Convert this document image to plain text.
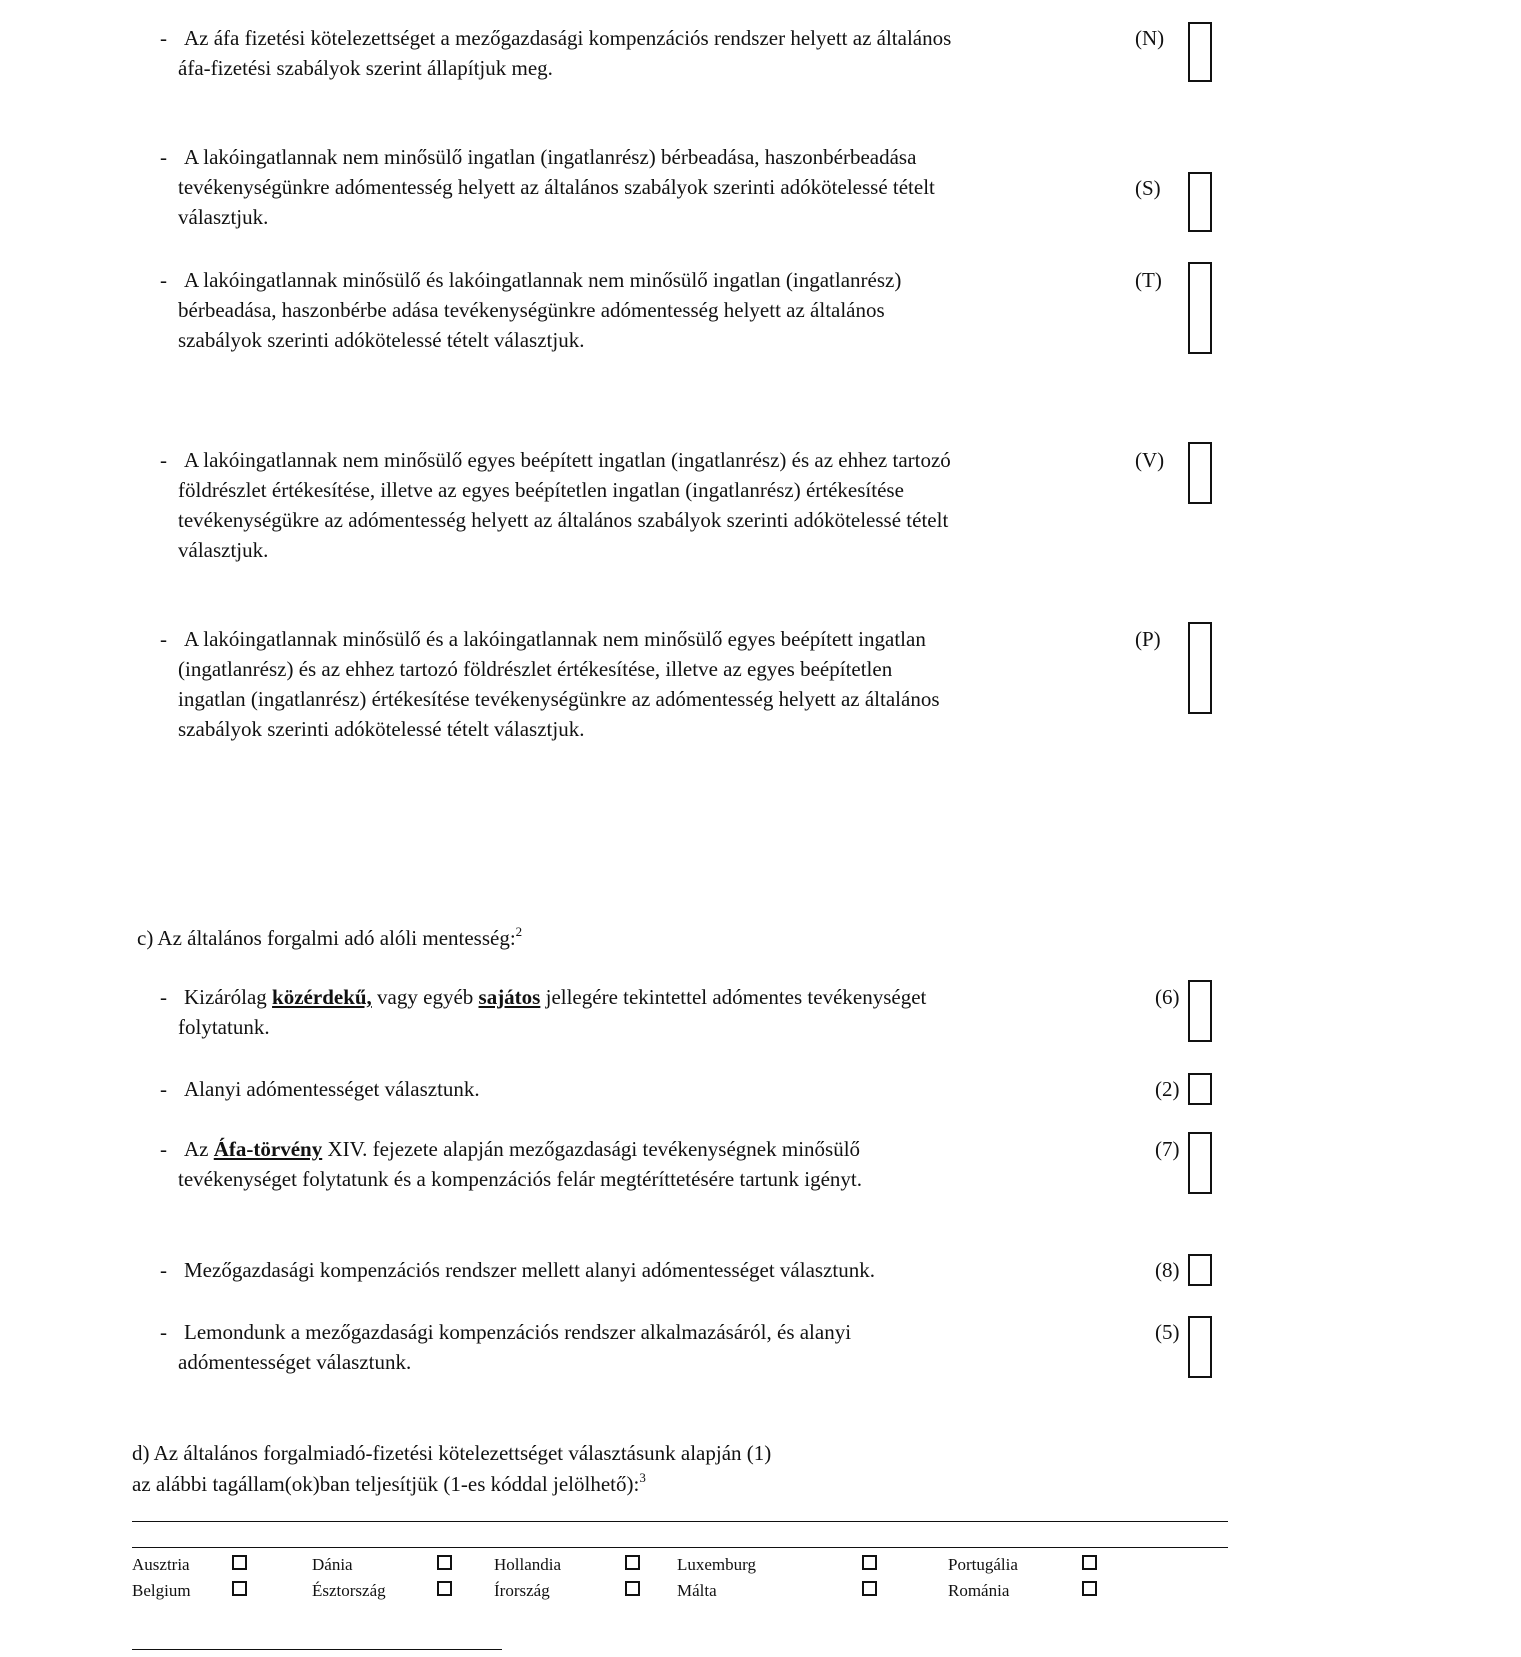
- Az áfa fizetési kötelezettséget a mezőgazdasági kompenzációs rendszer helyett az általános
áfa-fizetési szabályok szerint állapítjuk meg.
(N)
- A lakóingatlannak nem minősülő ingatlan (ingatlanrész) bérbeadása, haszonbérbeadása
tevékenységünkre adómentesség helyett az általános szabályok szerinti adókötelessé tételt
választjuk.
(S)
- A lakóingatlannak minősülő és lakóingatlannak nem minősülő ingatlan (ingatlanrész)
bérbeadása, haszonbérbe adása tevékenységünkre adómentesség helyett az általános
szabályok szerinti adókötelessé tételt választjuk.
(T)
- A lakóingatlannak nem minősülő egyes beépített ingatlan (ingatlanrész) és az ehhez tartozó
földrészlet értékesítése, illetve az egyes beépítetlen ingatlan (ingatlanrész) értékesítése
tevékenységükre az adómentesség helyett az általános szabályok szerinti adókötelessé tételt
választjuk.
(V)
- A lakóingatlannak minősülő és a lakóingatlannak nem minősülő egyes beépített ingatlan
(ingatlanrész) és az ehhez tartozó földrészlet értékesítése, illetve az egyes beépítetlen
ingatlan (ingatlanrész) értékesítése tevékenységünkre az adómentesség helyett az általános
szabályok szerinti adókötelessé tételt választjuk.
(P)
c) Az általános forgalmi adó alóli mentesség:$^2$
- Kizárólag közérdekű, vagy egyéb sajátos jellegére tekintettel adómentes tevékenységet
folytatunk.
(6)
- Alanyi adómentességet választunk.	(2)
- Az Áfa-törvény XIV. fejezete alapján mezőgazdasági tevékenységnek minősülő
tevékenységet folytatunk és a kompenzációs felár megtéríttetésére tartunk igényt.
(7)
- Mezőgazdasági kompenzációs rendszer mellett alanyi adómentességet választunk.	(8)
- Lemondunk a mezőgazdasági kompenzációs rendszer alkalmazásáról, és alanyi
adómentességet választunk.
(5)
d) Az általános forgalmiadó-fizetési kötelezettséget választásunk alapján (1)
az alábbi tagállam(ok)ban teljesítjük (1-es kóddal jelölhető):$^3$
Ausztria	Dánia	Hollandia	Luxemburg	Portugália
Belgium	Észtország	Írország	Málta	Románia
